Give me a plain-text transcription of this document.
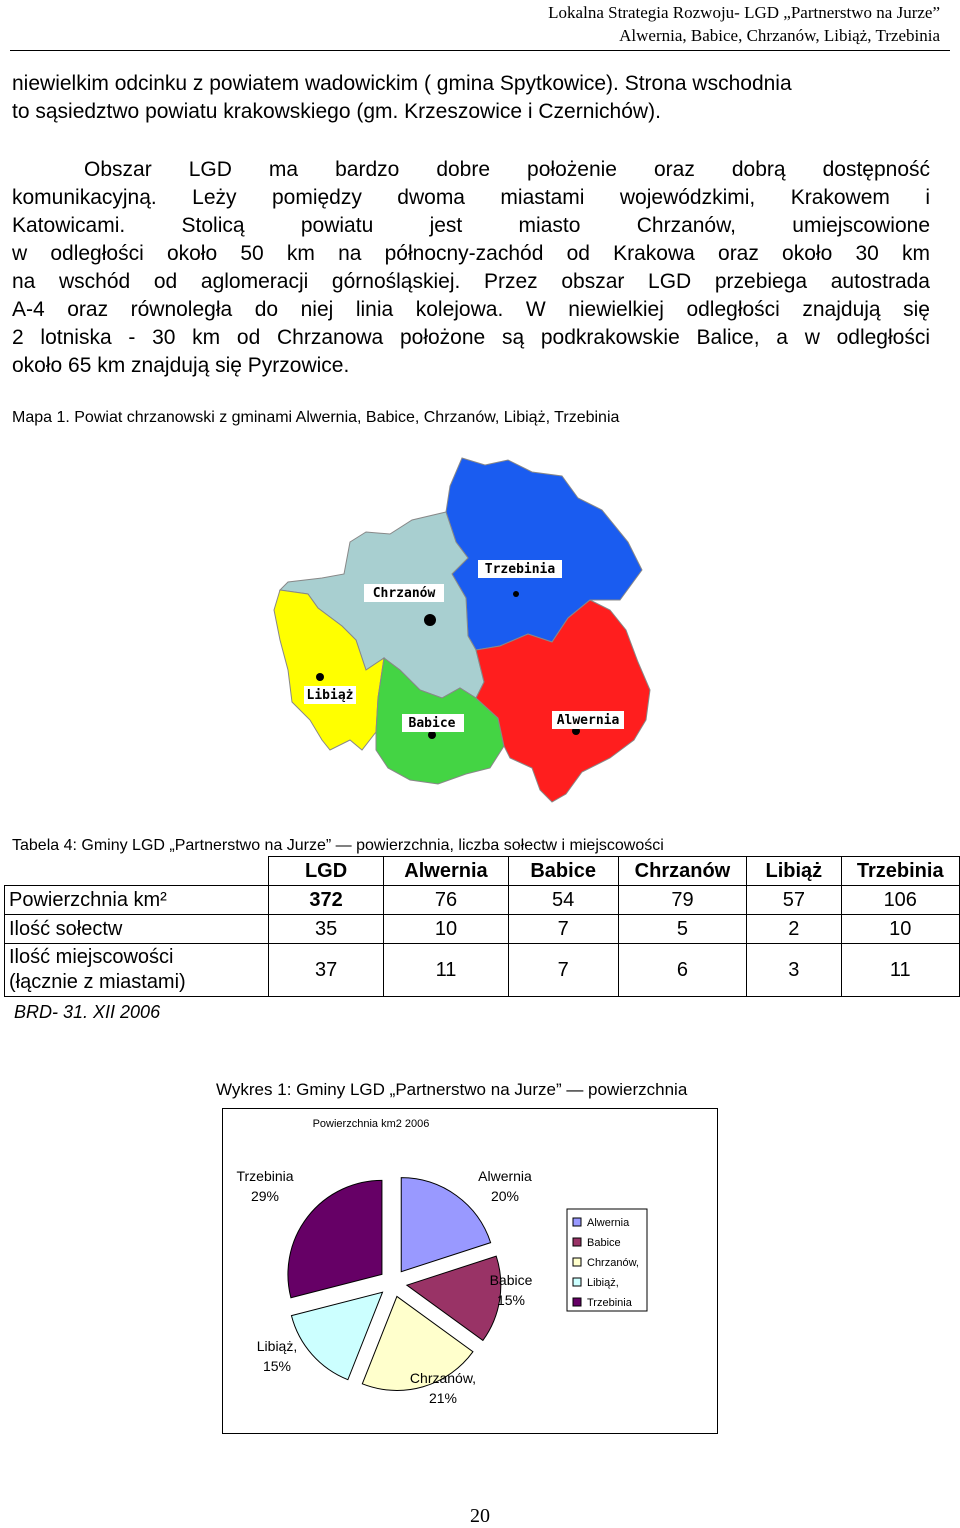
Lokalna Strategia Rozwoju- LGD „Partnerstwo na Jurze”
Alwernia, Babice, Chrzanów, Libiąż, Trzebinia
niewielkim odcinku z powiatem wadowickim ( gmina Spytkowice). Strona wschodnia
to sąsiedztwo powiatu krakowskiego (gm. Krzeszowice i Czernichów).
Obszar LGD ma bardzo dobre położenie oraz dobrą dostępność
komunikacyjną. Leży pomiędzy dwoma miastami wojewódzkimi, Krakowem i
Katowicami. Stolicą powiatu jest miasto Chrzanów, umiejscowione
w odległości około 50 km na północny-zachód od Krakowa oraz około 30 km
na wschód od aglomeracji górnośląskiej. Przez obszar LGD przebiega autostrada
A-4 oraz równoległa do niej linia kolejowa. W niewielkiej odległości znajdują się
2 lotniska - 30 km od Chrzanowa położone są podkrakowskie Balice, a w odległości
około 65 km znajdują się Pyrzowice.
Mapa 1. Powiat chrzanowski z gminami Alwernia, Babice, Chrzanów, Libiąż, Trzebinia
Trzebinia
Chrzanów
Libiąż
Babice	Alwernia
Tabela 4: Gminy LGD „Partnerstwo na Jurze” — powierzchnia, liczba sołectw i miejscowości
	LGD	Alwernia	Babice	Chrzanów	Libiąż	Trzebinia
Powierzchnia km²	372	76	54	79	57	106
Ilość sołectw	35	10	7	5	2	10
Ilość miejscowości
(łącznie z miastami)	37	11	7	6	3	11
BRD- 31. XII 2006
Wykres 1: Gminy LGD „Partnerstwo na Jurze” — powierzchnia
Powierzchnia km2 2006
Alwernia 20%
Babice 15%
Chrzanów, 21%
Libiąż, 15%
Trzebinia 29%
Alwernia
Babice
Chrzanów,
Libiąż,
Trzebinia
20
